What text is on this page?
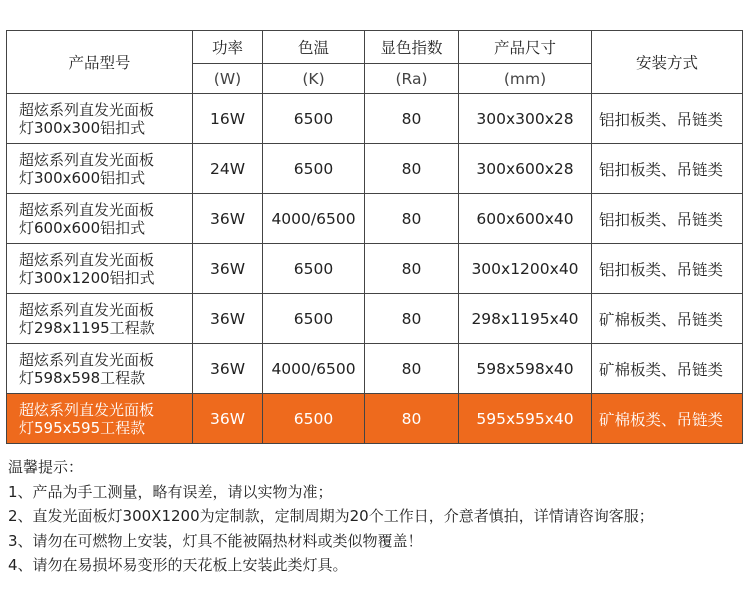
产品型号	功率	色温	显色指数	产品尺寸	安装方式
	(W)	(K)	(Ra)	(mm)	

超炫系列直发光面板
灯300x300铝扣式	16W	6500	80	300x300x28	铝扣板类、吊链类

超炫系列直发光面板
灯300x600铝扣式	24W	6500	80	300x600x28	铝扣板类、吊链类

超炫系列直发光面板
灯600x600铝扣式	36W	4000/6500	80	600x600x40	铝扣板类、吊链类

超炫系列直发光面板
灯300x1200铝扣式	36W	6500	80	300x1200x40	铝扣板类、吊链类

超炫系列直发光面板
灯298x1195工程款	36W	6500	80	298x1195x40	矿棉板类、吊链类

超炫系列直发光面板
灯598x598工程款	36W	4000/6500	80	598x598x40	矿棉板类、吊链类

超炫系列直发光面板
灯595x595工程款	36W	6500	80	595x595x40	矿棉板类、吊链类
温馨提示：
1、产品为手工测量，略有误差，请以实物为准；
2、直发光面板灯300X1200为定制款，定制周期为20个工作日，介意者慎拍，详情请咨询客服；
3、请勿在可燃物上安装，灯具不能被隔热材料或类似物覆盖！
4、请勿在易损坏易变形的天花板上安装此类灯具。
